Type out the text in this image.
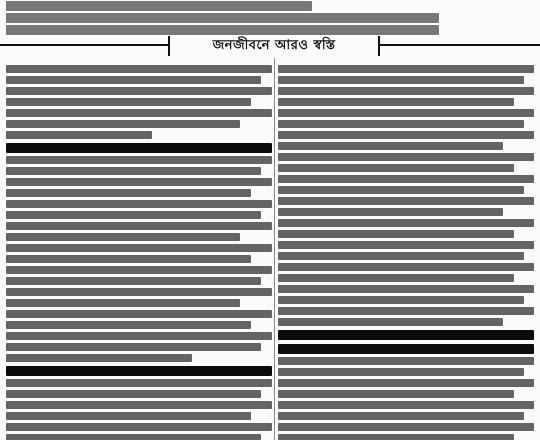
জনজীবনে আরও স্বস্তি
